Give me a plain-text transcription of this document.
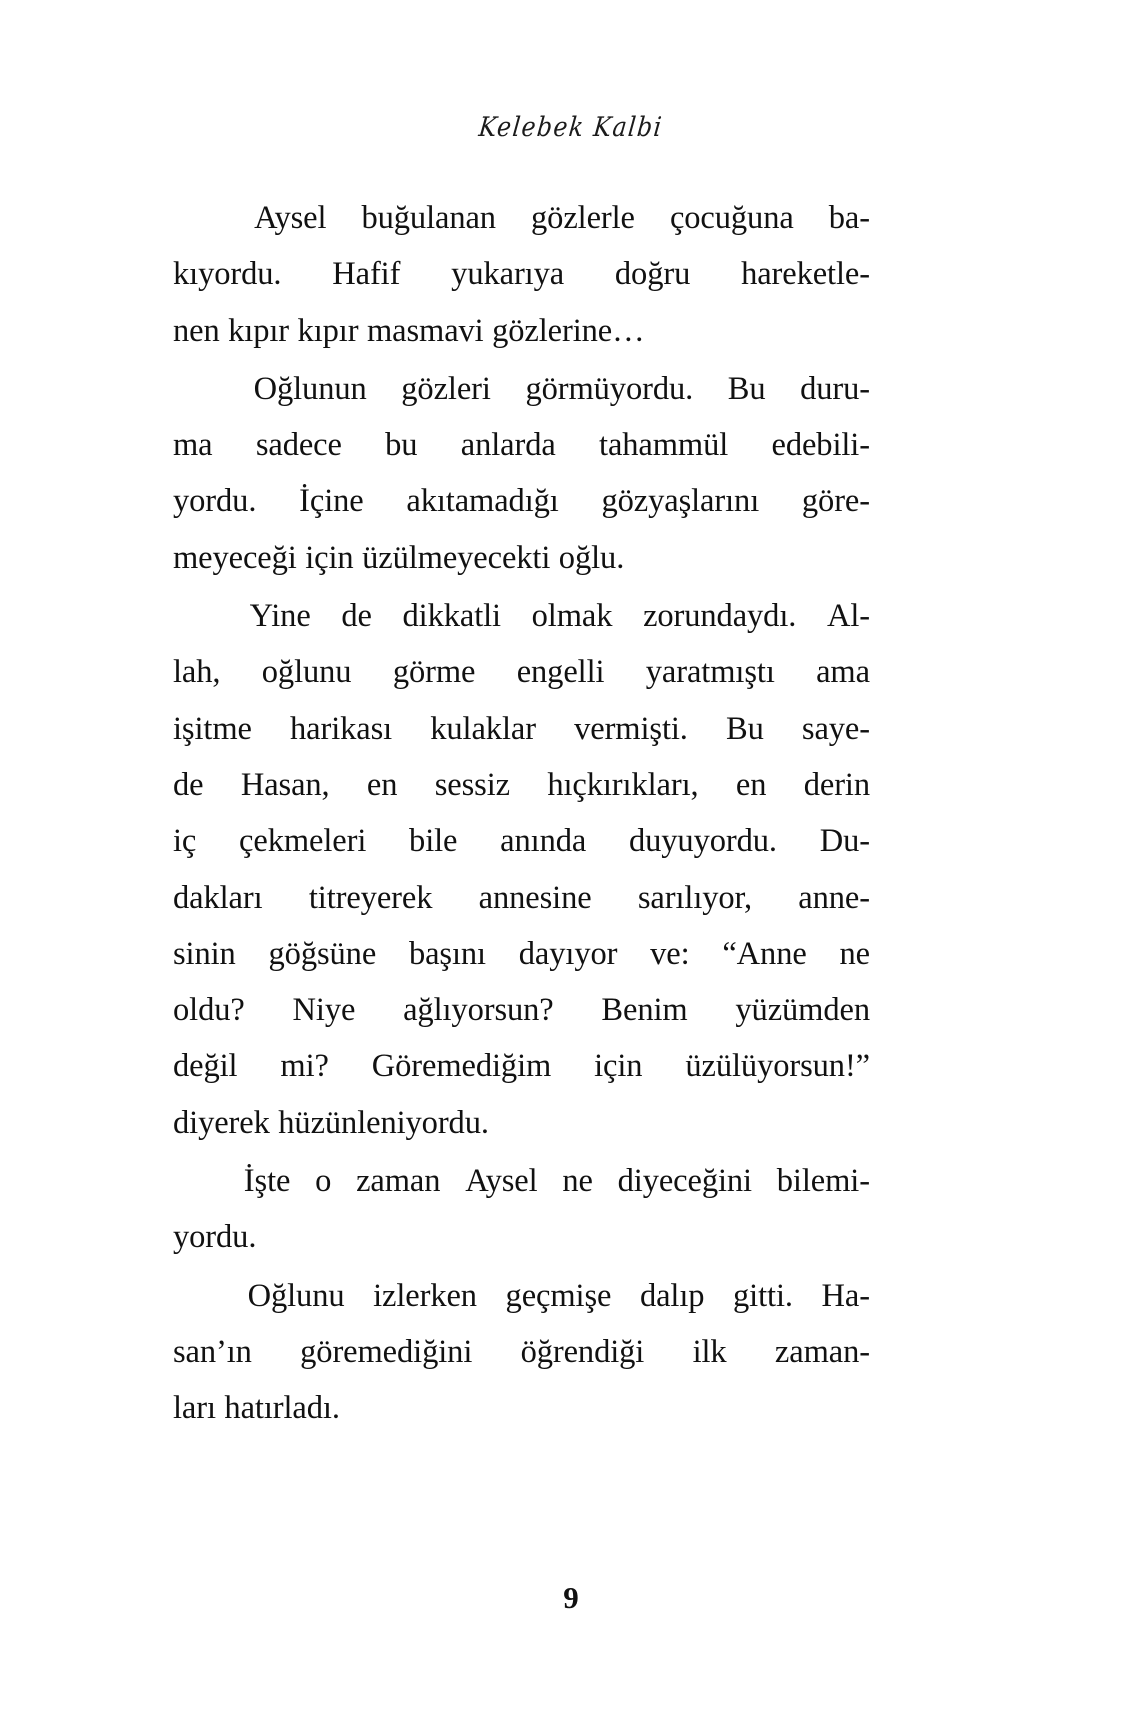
Kelebek Kalbi

Aysel buğulanan gözlerle çocuğuna ba-
kıyordu. Hafif yukarıya doğru hareketle-
nen kıpır kıpır masmavi gözlerine…

Oğlunun gözleri görmüyordu. Bu duru-
ma sadece bu anlarda tahammül edebili-
yordu. İçine akıtamadığı gözyaşlarını göre-
meyeceği için üzülmeyecekti oğlu.

Yine de dikkatli olmak zorundaydı. Al-
lah, oğlunu görme engelli yaratmıştı ama
işitme harikası kulaklar vermişti. Bu saye-
de Hasan, en sessiz hıçkırıkları, en derin
iç çekmeleri bile anında duyuyordu. Du-
dakları titreyerek annesine sarılıyor, anne-
sinin göğsüne başını dayıyor ve: “Anne ne
oldu? Niye ağlıyorsun? Benim yüzümden
değil mi? Göremediğim için üzülüyorsun!”
diyerek hüzünleniyordu.

İşte o zaman Aysel ne diyeceğini bilemi-
yordu.

Oğlunu izlerken geçmişe dalıp gitti. Ha-
san’ın göremediğini öğrendiği ilk zaman-
ları hatırladı.

9
